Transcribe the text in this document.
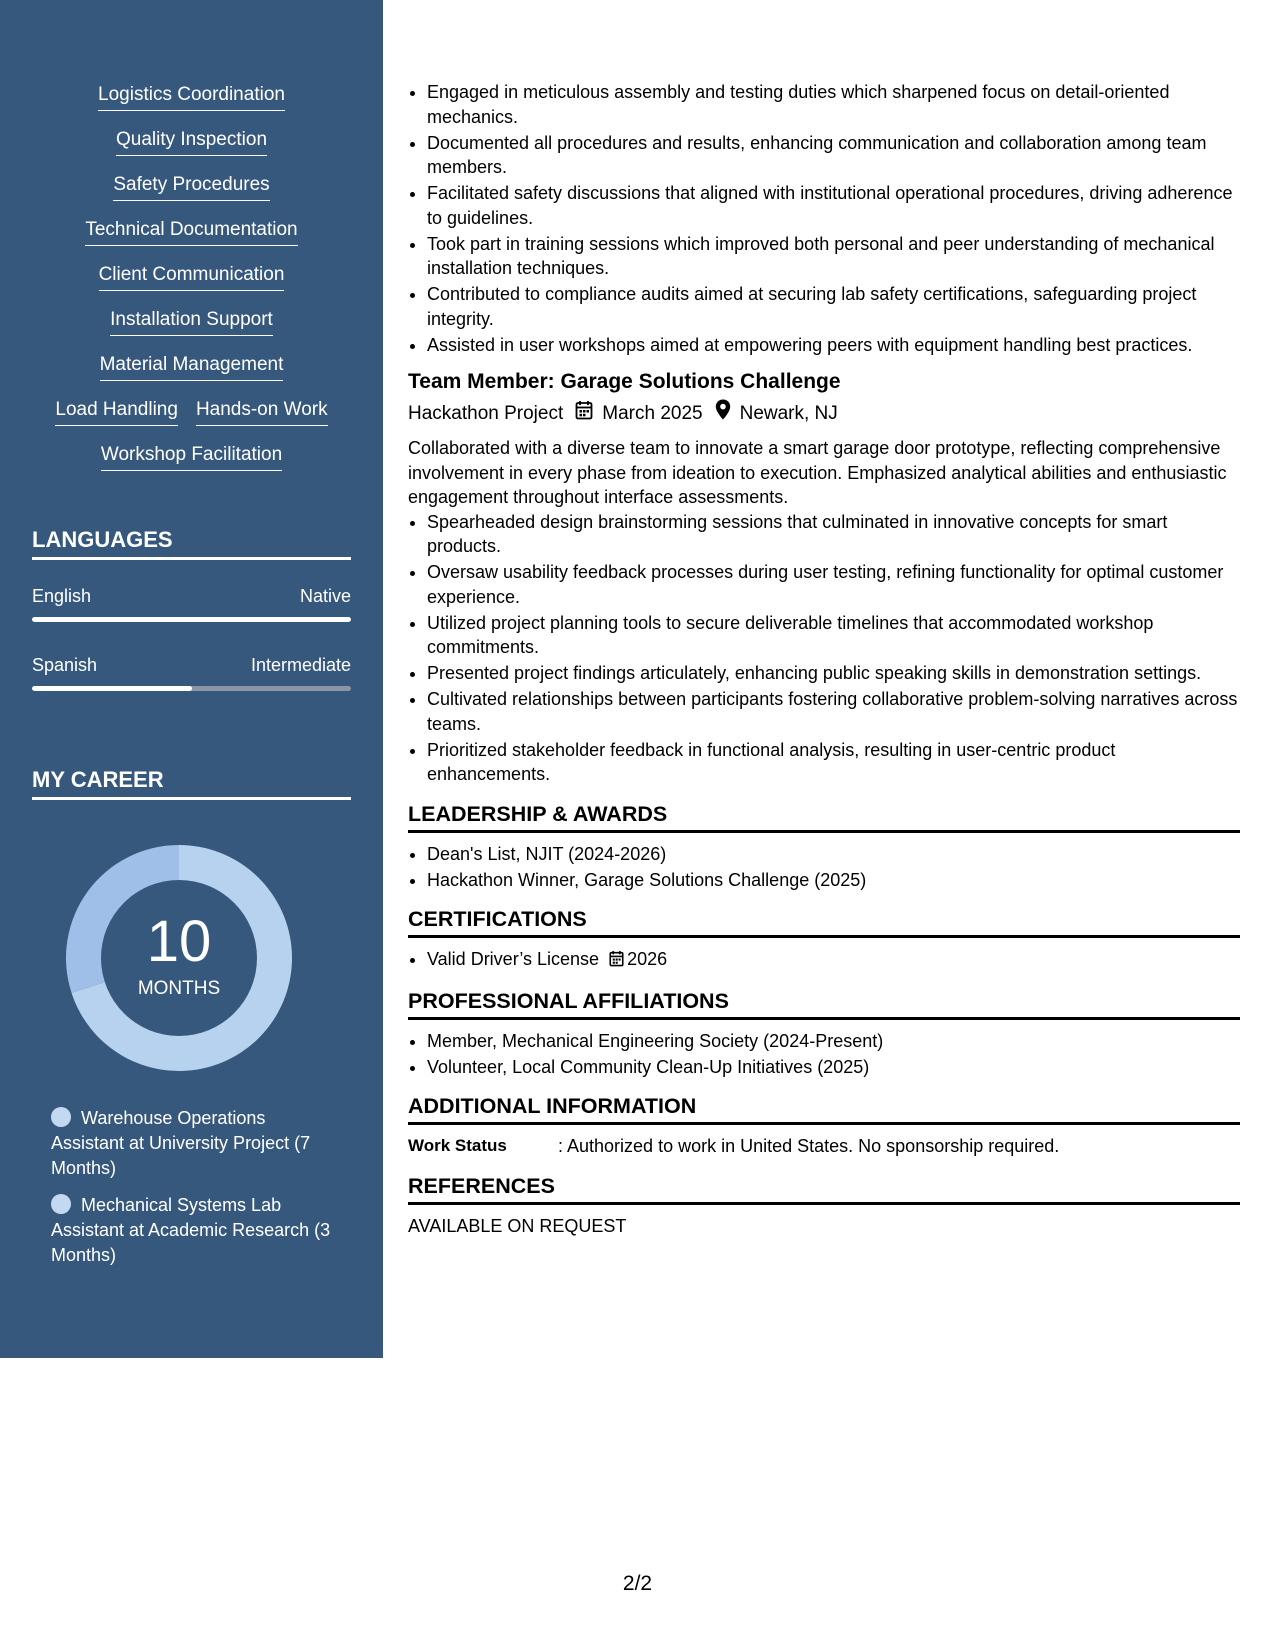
Logistics Coordination
Quality Inspection
Safety Procedures
Technical Documentation
Client Communication
Installation Support
Material Management
Load Handling Hands-on Work
Workshop Facilitation
LANGUAGES
English	Native
Spanish	Intermediate
MY CAREER
10
MONTHS
Warehouse Operations Assistant at University Project (7 Months)
Mechanical Systems Lab Assistant at Academic Research (3 Months)
• Engaged in meticulous assembly and testing duties which sharpened focus on detail-oriented mechanics.
• Documented all procedures and results, enhancing communication and collaboration among team members.
• Facilitated safety discussions that aligned with institutional operational procedures, driving adherence to guidelines.
• Took part in training sessions which improved both personal and peer understanding of mechanical installation techniques.
• Contributed to compliance audits aimed at securing lab safety certifications, safeguarding project integrity.
• Assisted in user workshops aimed at empowering peers with equipment handling best practices.
Team Member: Garage Solutions Challenge
Hackathon Project March 2025 Newark, NJ

Collaborated with a diverse team to innovate a smart garage door prototype, reflecting comprehensive involvement in every phase from ideation to execution. Emphasized analytical abilities and enthusiastic engagement throughout interface assessments.

• Spearheaded design brainstorming sessions that culminated in innovative concepts for smart products.
• Oversaw usability feedback processes during user testing, refining functionality for optimal customer experience.
• Utilized project planning tools to secure deliverable timelines that accommodated workshop commitments.
• Presented project findings articulately, enhancing public speaking skills in demonstration settings.
• Cultivated relationships between participants fostering collaborative problem-solving narratives across teams.
• Prioritized stakeholder feedback in functional analysis, resulting in user-centric product enhancements.
LEADERSHIP & AWARDS
• Dean's List, NJIT (2024-2026)
• Hackathon Winner, Garage Solutions Challenge (2025)
CERTIFICATIONS
• Valid Driver’s License 2026
PROFESSIONAL AFFILIATIONS
• Member, Mechanical Engineering Society (2024-Present)
• Volunteer, Local Community Clean-Up Initiatives (2025)
ADDITIONAL INFORMATION
Work Status	: Authorized to work in United States. No sponsorship required.
REFERENCES
AVAILABLE ON REQUEST
2/2
